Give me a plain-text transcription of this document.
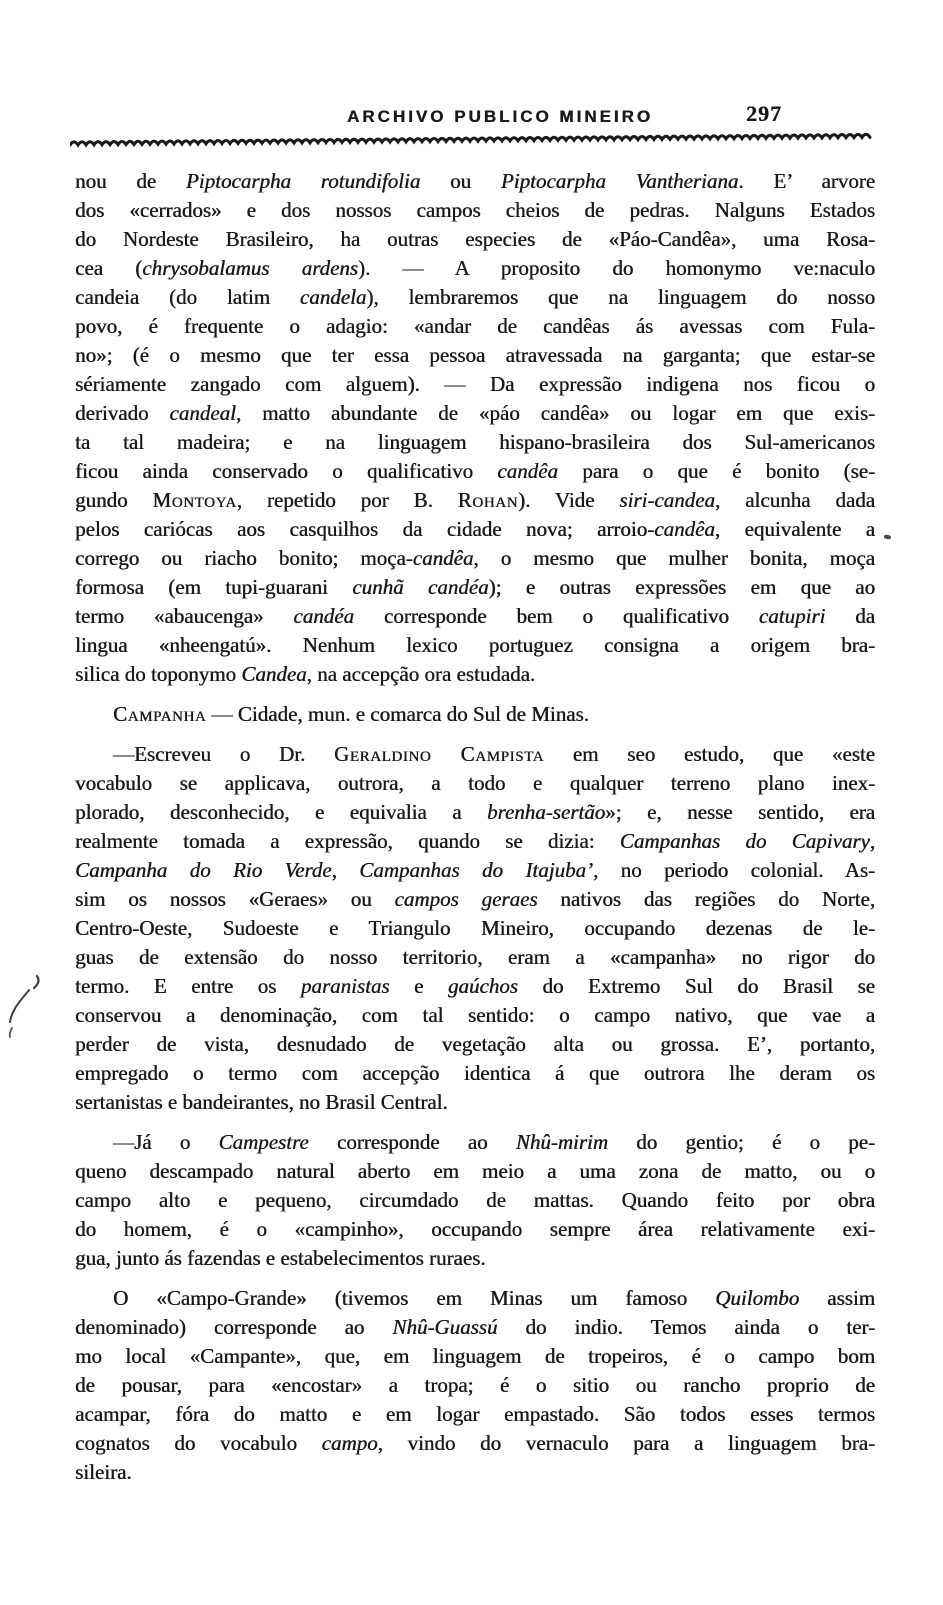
ARCHIVO PUBLICO MINEIRO	297
nou de Piptocarpha rotundifolia ou Piptocarpha Vantheriana. E’ arvore
dos «cerrados» e dos nossos campos cheios de pedras. Nalguns Estados
do Nordeste Brasileiro, ha outras especies de «Páo-Candêa», uma Rosa-
cea (chrysobalamus ardens). — A proposito do homonymo ve:naculo
candeia (do latim candela), lembraremos que na linguagem do nosso
povo, é frequente o adagio: «andar de candêas ás avessas com Fula-
no»; (é o mesmo que ter essa pessoa atravessada na garganta; que estar-se
sériamente zangado com alguem). — Da expressão indigena nos ficou o
derivado candeal, matto abundante de «páo candêa» ou logar em que exis-
ta tal madeira; e na linguagem hispano-brasileira dos Sul-americanos
ficou ainda conservado o qualificativo candêa para o que é bonito (se-
gundo Montoya, repetido por B. Rohan). Vide siri-candea, alcunha dada
pelos cariócas aos casquilhos da cidade nova; arroio-candêa, equivalente a
corrego ou riacho bonito; moça-candêa, o mesmo que mulher bonita, moça
formosa (em tupi-guarani cunhã candéa); e outras expressões em que ao
termo «abaucenga» candéa corresponde bem o qualificativo catupiri da
lingua «nheengatú». Nenhum lexico portuguez consigna a origem bra-
silica do toponymo Candea, na accepção ora estudada.
Campanha — Cidade, mun. e comarca do Sul de Minas.
—Escreveu o Dr. Geraldino Campista em seo estudo, que «este
vocabulo se applicava, outrora, a todo e qualquer terreno plano inex-
plorado, desconhecido, e equivalia a brenha-sertão»; e, nesse sentido, era
realmente tomada a expressão, quando se dizia: Campanhas do Capivary,
Campanha do Rio Verde, Campanhas do Itajuba’, no periodo colonial. As-
sim os nossos «Geraes» ou campos geraes nativos das regiões do Norte,
Centro-Oeste, Sudoeste e Triangulo Mineiro, occupando dezenas de le-
guas de extensão do nosso territorio, eram a «campanha» no rigor do
termo. E entre os paranistas e gaúchos do Extremo Sul do Brasil se
conservou a denominação, com tal sentido: o campo nativo, que vae a
perder de vista, desnudado de vegetação alta ou grossa. E’, portanto,
empregado o termo com accepção identica á que outrora lhe deram os
sertanistas e bandeirantes, no Brasil Central.
—Já o Campestre corresponde ao Nhû-mirim do gentio; é o pe-
queno descampado natural aberto em meio a uma zona de matto, ou o
campo alto e pequeno, circumdado de mattas. Quando feito por obra
do homem, é o «campinho», occupando sempre área relativamente exi-
gua, junto ás fazendas e estabelecimentos ruraes.
O «Campo-Grande» (tivemos em Minas um famoso Quilombo assim
denominado) corresponde ao Nhû-Guassú do indio. Temos ainda o ter-
mo local «Campante», que, em linguagem de tropeiros, é o campo bom
de pousar, para «encostar» a tropa; é o sitio ou rancho proprio de
acampar, fóra do matto e em logar empastado. São todos esses termos
cognatos do vocabulo campo, vindo do vernaculo para a linguagem bra-
sileira.
